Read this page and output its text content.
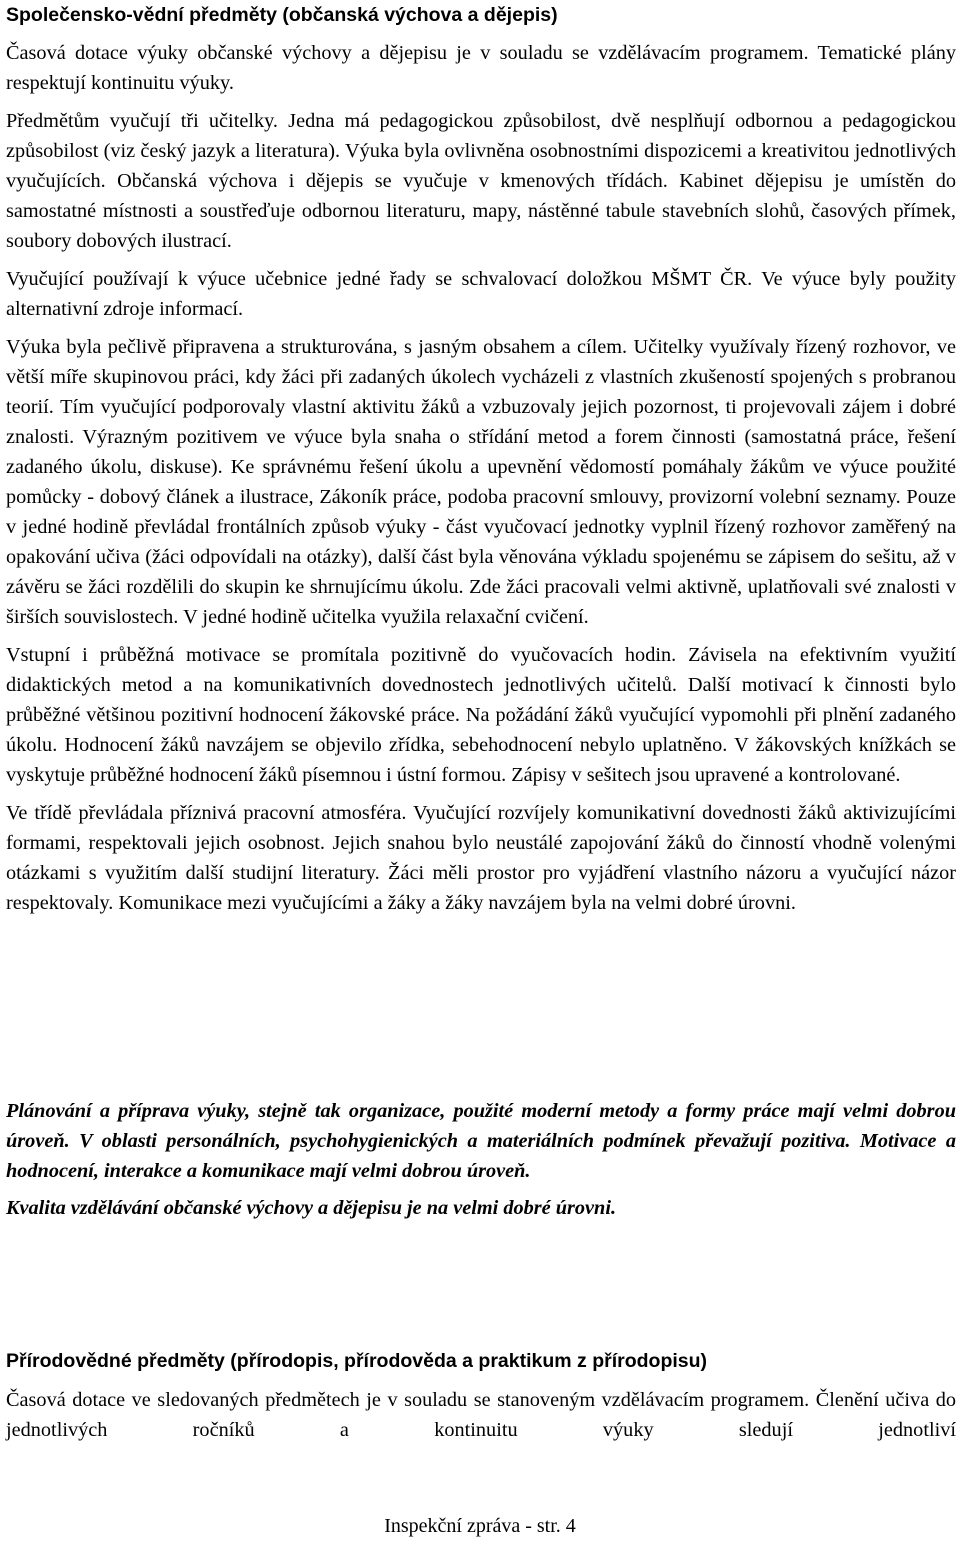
Společensko-vědní předměty (občanská výchova a dějepis)

Časová dotace výuky občanské výchovy a dějepisu je v souladu se vzdělávacím programem. Tematické plány respektují kontinuitu výuky.

Předmětům vyučují tři učitelky. Jedna má pedagogickou způsobilost, dvě nesplňují odbornou a pedagogickou způsobilost (viz český jazyk a literatura). Výuka byla ovlivněna osobnostními dispozicemi a kreativitou jednotlivých vyučujících. Občanská výchova i dějepis se vyučuje v kmenových třídách. Kabinet dějepisu je umístěn do samostatné místnosti a soustřeďuje odbornou literaturu, mapy, nástěnné tabule stavebních slohů, časových přímek, soubory dobových ilustrací.

Vyučující používají k výuce učebnice jedné řady se schvalovací doložkou MŠMT ČR. Ve výuce byly použity alternativní zdroje informací.

Výuka byla pečlivě připravena a strukturována, s jasným obsahem a cílem. Učitelky využívaly řízený rozhovor, ve větší míře skupinovou práci, kdy žáci při zadaných úkolech vycházeli z vlastních zkušeností spojených s probranou teorií. Tím vyučující podporovaly vlastní aktivitu žáků a vzbuzovaly jejich pozornost, ti projevovali zájem i dobré znalosti. Výrazným pozitivem ve výuce byla snaha o střídání metod a forem činnosti (samostatná práce, řešení zadaného úkolu, diskuse). Ke správnému řešení úkolu a upevnění vědomostí pomáhaly žákům ve výuce použité pomůcky - dobový článek a ilustrace, Zákoník práce, podoba pracovní smlouvy, provizorní volební seznamy. Pouze v jedné hodině převládal frontálních způsob výuky - část vyučovací jednotky vyplnil řízený rozhovor zaměřený na opakování učiva (žáci odpovídali na otázky), další část byla věnována výkladu spojenému se zápisem do sešitu, až v závěru se žáci rozdělili do skupin ke shrnujícímu úkolu. Zde žáci pracovali velmi aktivně, uplatňovali své znalosti v širších souvislostech. V jedné hodině učitelka využila relaxační cvičení.

Vstupní i průběžná motivace se promítala pozitivně do vyučovacích hodin. Závisela na efektivním využití didaktických metod a na komunikativních dovednostech jednotlivých učitelů. Další motivací k činnosti bylo průběžné většinou pozitivní hodnocení žákovské práce. Na požádání žáků vyučující vypomohli při plnění zadaného úkolu. Hodnocení žáků navzájem se objevilo zřídka, sebehodnocení nebylo uplatněno. V žákovských knížkách se vyskytuje průběžné hodnocení žáků písemnou i ústní formou. Zápisy v sešitech jsou upravené a kontrolované.

Ve třídě převládala příznivá pracovní atmosféra. Vyučující rozvíjely komunikativní dovednosti žáků aktivizujícími formami, respektovali jejich osobnost. Jejich snahou bylo neustálé zapojování žáků do činností vhodně volenými otázkami s využitím další studijní literatury. Žáci měli prostor pro vyjádření vlastního názoru a vyučující názor respektovaly. Komunikace mezi vyučujícími a žáky a žáky navzájem byla na velmi dobré úrovni.

Plánování a příprava výuky, stejně tak organizace, použité moderní metody a formy práce mají velmi dobrou úroveň. V oblasti personálních, psychohygienických a materiálních podmínek převažují pozitiva. Motivace a hodnocení, interakce a komunikace mají velmi dobrou úroveň.

Kvalita vzdělávání občanské výchovy a dějepisu je na velmi dobré úrovni.

Přírodovědné předměty (přírodopis, přírodověda a praktikum z přírodopisu)

Časová dotace ve sledovaných předmětech je v souladu se stanoveným vzdělávacím programem. Členění učiva do jednotlivých ročníků a kontinuitu výuky sledují jednotliví

Inspekční zpráva - str. 4
